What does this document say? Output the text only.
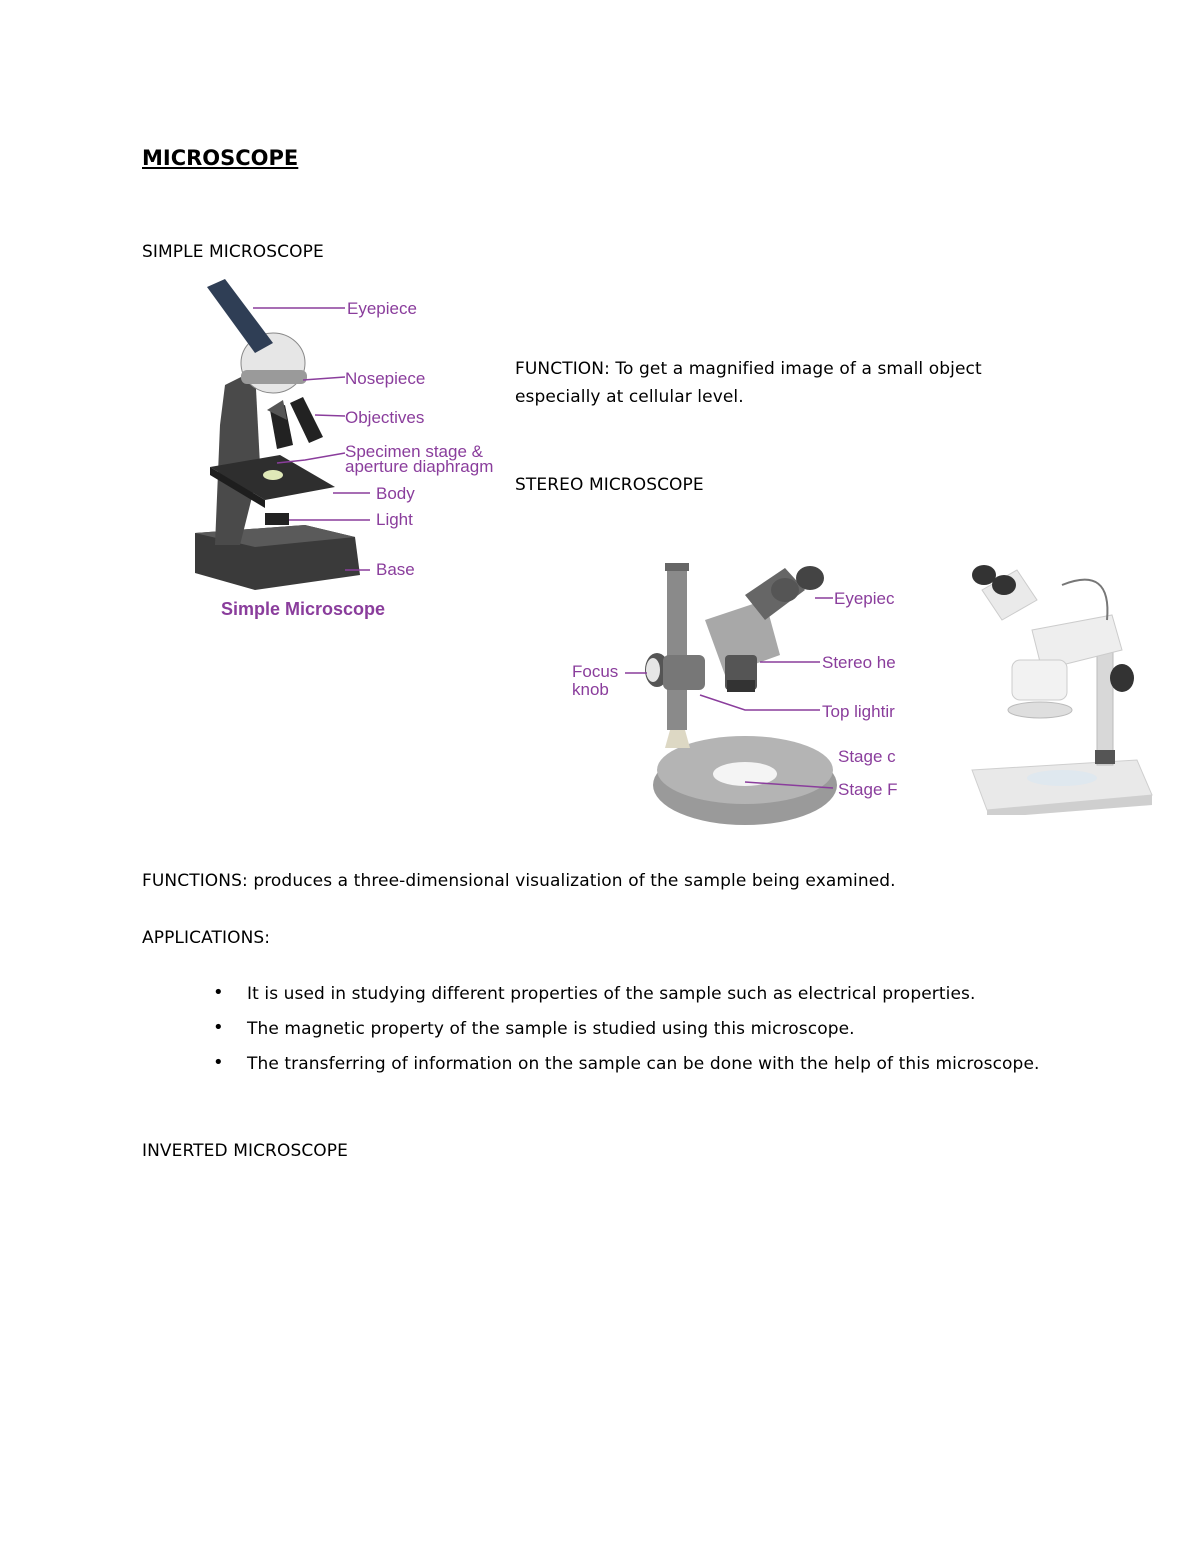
MICROSCOPE
SIMPLE MICROSCOPE
Eyepiece
Nosepiece
Objectives
Specimen stage &
aperture diaphragm
Body
Light
Base
Simple Microscope
FUNCTION: To get a magnified image of a small object
especially at cellular level.
STEREO MICROSCOPE
Focus
knob
Eyepiec
Stereo he
Top lightir
Stage c
Stage F
FUNCTIONS: produces a three-dimensional visualization of the sample being examined.
APPLICATIONS:
• It is used in studying different properties of the sample such as electrical properties.
• The magnetic property of the sample is studied using this microscope.
• The transferring of information on the sample can be done with the help of this microscope.
INVERTED MICROSCOPE
